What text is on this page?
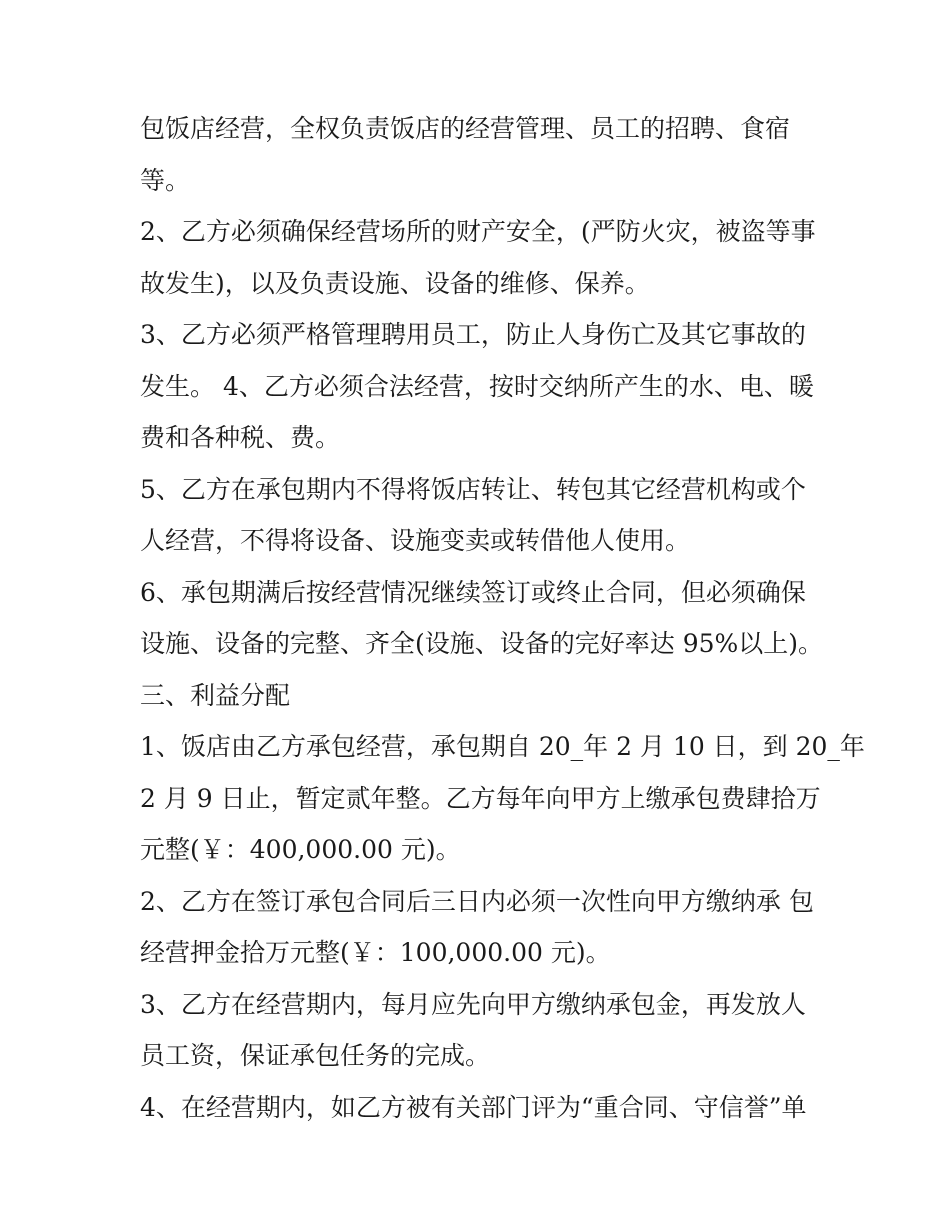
包饭店经营，全权负责饭店的经营管理、员工的招聘、食宿
等。
2、乙方必须确保经营场所的财产安全，(严防火灾，被盗等事
故发生)，以及负责设施、设备的维修、保养。
3、乙方必须严格管理聘用员工，防止人身伤亡及其它事故的
发生。 4、乙方必须合法经营，按时交纳所产生的水、电、暖
费和各种税、费。
5、乙方在承包期内不得将饭店转让、转包其它经营机构或个
人经营，不得将设备、设施变卖或转借他人使用。
6、承包期满后按经营情况继续签订或终止合同，但必须确保
设施、设备的完整、齐全(设施、设备的完好率达 95%以上)。
三、利益分配
1、饭店由乙方承包经营，承包期自 20_年 2 月 10 日，到 20_年
2 月 9 日止，暂定贰年整。乙方每年向甲方上缴承包费肆拾万
元整(￥：400,000.00 元)。
2、乙方在签订承包合同后三日内必须一次性向甲方缴纳承 包
经营押金拾万元整(￥：100,000.00 元)。
3、乙方在经营期内，每月应先向甲方缴纳承包金，再发放人
员工资，保证承包任务的完成。
4、在经营期内，如乙方被有关部门评为“重合同、守信誉”单
